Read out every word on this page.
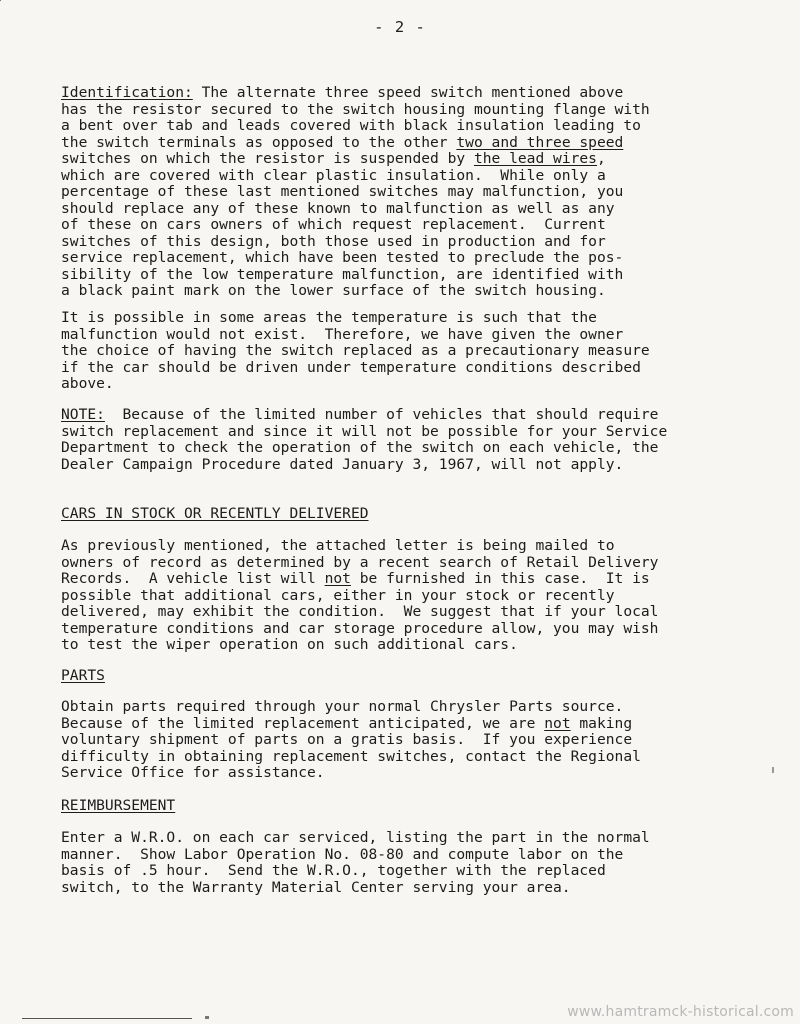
- 2 -
Identification: The alternate three speed switch mentioned above
has the resistor secured to the switch housing mounting flange with
a bent over tab and leads covered with black insulation leading to
the switch terminals as opposed to the other two and three speed
switches on which the resistor is suspended by the lead wires,
which are covered with clear plastic insulation.  While only a
percentage of these last mentioned switches may malfunction, you
should replace any of these known to malfunction as well as any
of these on cars owners of which request replacement.  Current
switches of this design, both those used in production and for
service replacement, which have been tested to preclude the pos-
sibility of the low temperature malfunction, are identified with
a black paint mark on the lower surface of the switch housing.
It is possible in some areas the temperature is such that the
malfunction would not exist.  Therefore, we have given the owner
the choice of having the switch replaced as a precautionary measure
if the car should be driven under temperature conditions described
above.
NOTE:  Because of the limited number of vehicles that should require
switch replacement and since it will not be possible for your Service
Department to check the operation of the switch on each vehicle, the
Dealer Campaign Procedure dated January 3, 1967, will not apply.
CARS IN STOCK OR RECENTLY DELIVERED
As previously mentioned, the attached letter is being mailed to
owners of record as determined by a recent search of Retail Delivery
Records.  A vehicle list will not be furnished in this case.  It is
possible that additional cars, either in your stock or recently
delivered, may exhibit the condition.  We suggest that if your local
temperature conditions and car storage procedure allow, you may wish
to test the wiper operation on such additional cars.
PARTS
Obtain parts required through your normal Chrysler Parts source.
Because of the limited replacement anticipated, we are not making
voluntary shipment of parts on a gratis basis.  If you experience
difficulty in obtaining replacement switches, contact the Regional
Service Office for assistance.
REIMBURSEMENT
Enter a W.R.O. on each car serviced, listing the part in the normal
manner.  Show Labor Operation No. 08-80 and compute labor on the
basis of .5 hour.  Send the W.R.O., together with the replaced
switch, to the Warranty Material Center serving your area.
www.hamtramck-historical.com
